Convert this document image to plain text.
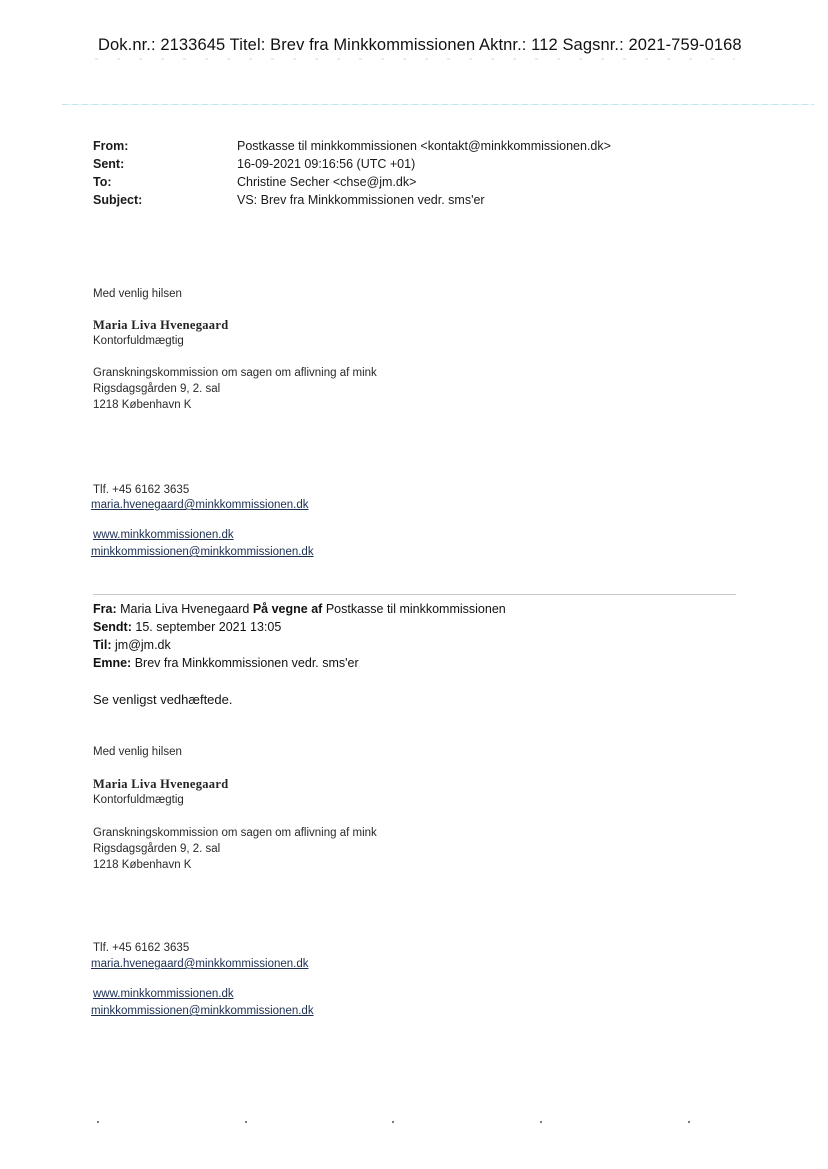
Dok.nr.: 2133645 Titel: Brev fra Minkkommissionen Aktnr.: 112 Sagsnr.: 2021-759-0168
From:	Postkasse til minkkommissionen <kontakt@minkkommissionen.dk>
Sent:	16-09-2021 09:16:56 (UTC +01)
To:	Christine Secher <chse@jm.dk>
Subject:	VS: Brev fra Minkkommissionen vedr. sms'er
Med venlig hilsen
Maria Liva Hvenegaard
Kontorfuldmægtig
Granskningskommission om sagen om aflivning af mink
Rigsdagsgården 9, 2. sal
1218 København K
Tlf. +45 6162 3635
maria.hvenegaard@minkkommissionen.dk
www.minkkommissionen.dk
minkkommissionen@minkkommissionen.dk
Fra: Maria Liva Hvenegaard På vegne af Postkasse til minkkommissionen
Sendt: 15. september 2021 13:05
Til: jm@jm.dk
Emne: Brev fra Minkkommissionen vedr. sms'er
Se venligst vedhæftede.
Med venlig hilsen
Maria Liva Hvenegaard
Kontorfuldmægtig
Granskningskommission om sagen om aflivning af mink
Rigsdagsgården 9, 2. sal
1218 København K
Tlf. +45 6162 3635
maria.hvenegaard@minkkommissionen.dk
www.minkkommissionen.dk
minkkommissionen@minkkommissionen.dk
